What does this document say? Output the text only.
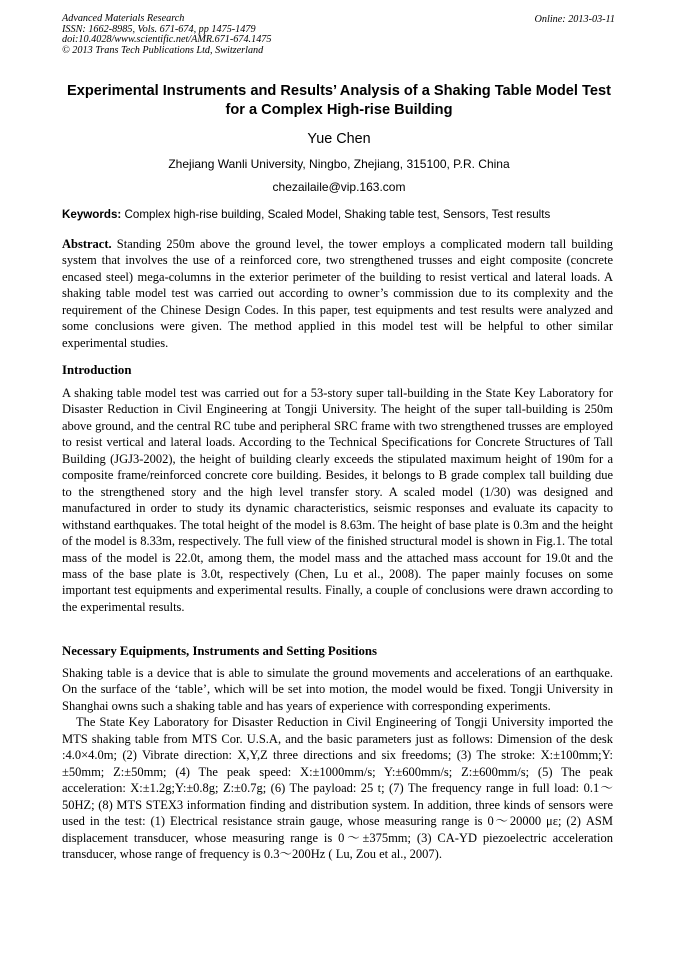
Advanced Materials Research
ISSN: 1662-8985, Vols. 671-674, pp 1475-1479
doi:10.4028/www.scientific.net/AMR.671-674.1475
© 2013 Trans Tech Publications Ltd, Switzerland
Online: 2013-03-11
Experimental Instruments and Results’ Analysis of a Shaking Table Model Test for a Complex High-rise Building
Yue Chen
Zhejiang Wanli University, Ningbo, Zhejiang, 315100, P.R. China
chezailaile@vip.163.com
Keywords: Complex high-rise building, Scaled Model, Shaking table test, Sensors, Test results

Abstract. Standing 250m above the ground level, the tower employs a complicated modern tall building system that involves the use of a reinforced core, two strengthened trusses and eight composite (concrete encased steel) mega-columns in the exterior perimeter of the building to resist vertical and lateral loads. A shaking table model test was carried out according to owner’s commission due to its complexity and the requirement of the Chinese Design Codes. In this paper, test equipments and test results were analyzed and some conclusions were given. The method applied in this model test will be helpful to other similar experimental studies.

Introduction

A shaking table model test was carried out for a 53-story super tall-building in the State Key Laboratory for Disaster Reduction in Civil Engineering at Tongji University. The height of the super tall-building is 250m above ground, and the central RC tube and peripheral SRC frame with two strengthened trusses are employed to resist vertical and lateral loads. According to the Technical Specifications for Concrete Structures of Tall Building (JGJ3-2002), the height of building clearly exceeds the stipulated maximum height of 190m for a composite frame/reinforced concrete core building. Besides, it belongs to B grade complex tall building due to the strengthened story and the high level transfer story. A scaled model (1/30) was designed and manufactured in order to study its dynamic characteristics, seismic responses and evaluate its capacity to withstand earthquakes. The total height of the model is 8.63m. The height of base plate is 0.3m and the height of the model is 8.33m, respectively. The full view of the finished structural model is shown in Fig.1. The total mass of the model is 22.0t, among them, the model mass and the attached mass account for 19.0t and the mass of the base plate is 3.0t, respectively (Chen, Lu et al., 2008). The paper mainly focuses on some important test equipments and experimental results. Finally, a couple of conclusions were drawn according to the experimental results.

Necessary Equipments, Instruments and Setting Positions

Shaking table is a device that is able to simulate the ground movements and accelerations of an earthquake. On the surface of the ‘table’, which will be set into motion, the model would be fixed. Tongji University in Shanghai owns such a shaking table and has years of experience with corresponding experiments.

The State Key Laboratory for Disaster Reduction in Civil Engineering of Tongji University imported the MTS shaking table from MTS Cor. U.S.A, and the basic parameters just as follows: Dimension of the desk :4.0×4.0m; (2) Vibrate direction: X,Y,Z three directions and six freedoms; (3) The stroke: X:±100mm;Y:±50mm; Z:±50mm; (4) The peak speed: X:±1000mm/s; Y:±600mm/s; Z:±600mm/s; (5) The peak acceleration: X:±1.2g;Y:±0.8g; Z:±0.7g; (6) The payload: 25 t; (7) The frequency range in full load: 0.1～50HZ; (8) MTS STEX3 information finding and distribution system. In addition, three kinds of sensors were used in the test: (1) Electrical resistance strain gauge, whose measuring range is 0～20000 με; (2) ASM displacement transducer, whose measuring range is 0～±375mm; (3) CA-YD piezoelectric acceleration transducer, whose range of frequency is 0.3～200Hz ( Lu, Zou et al., 2007).
